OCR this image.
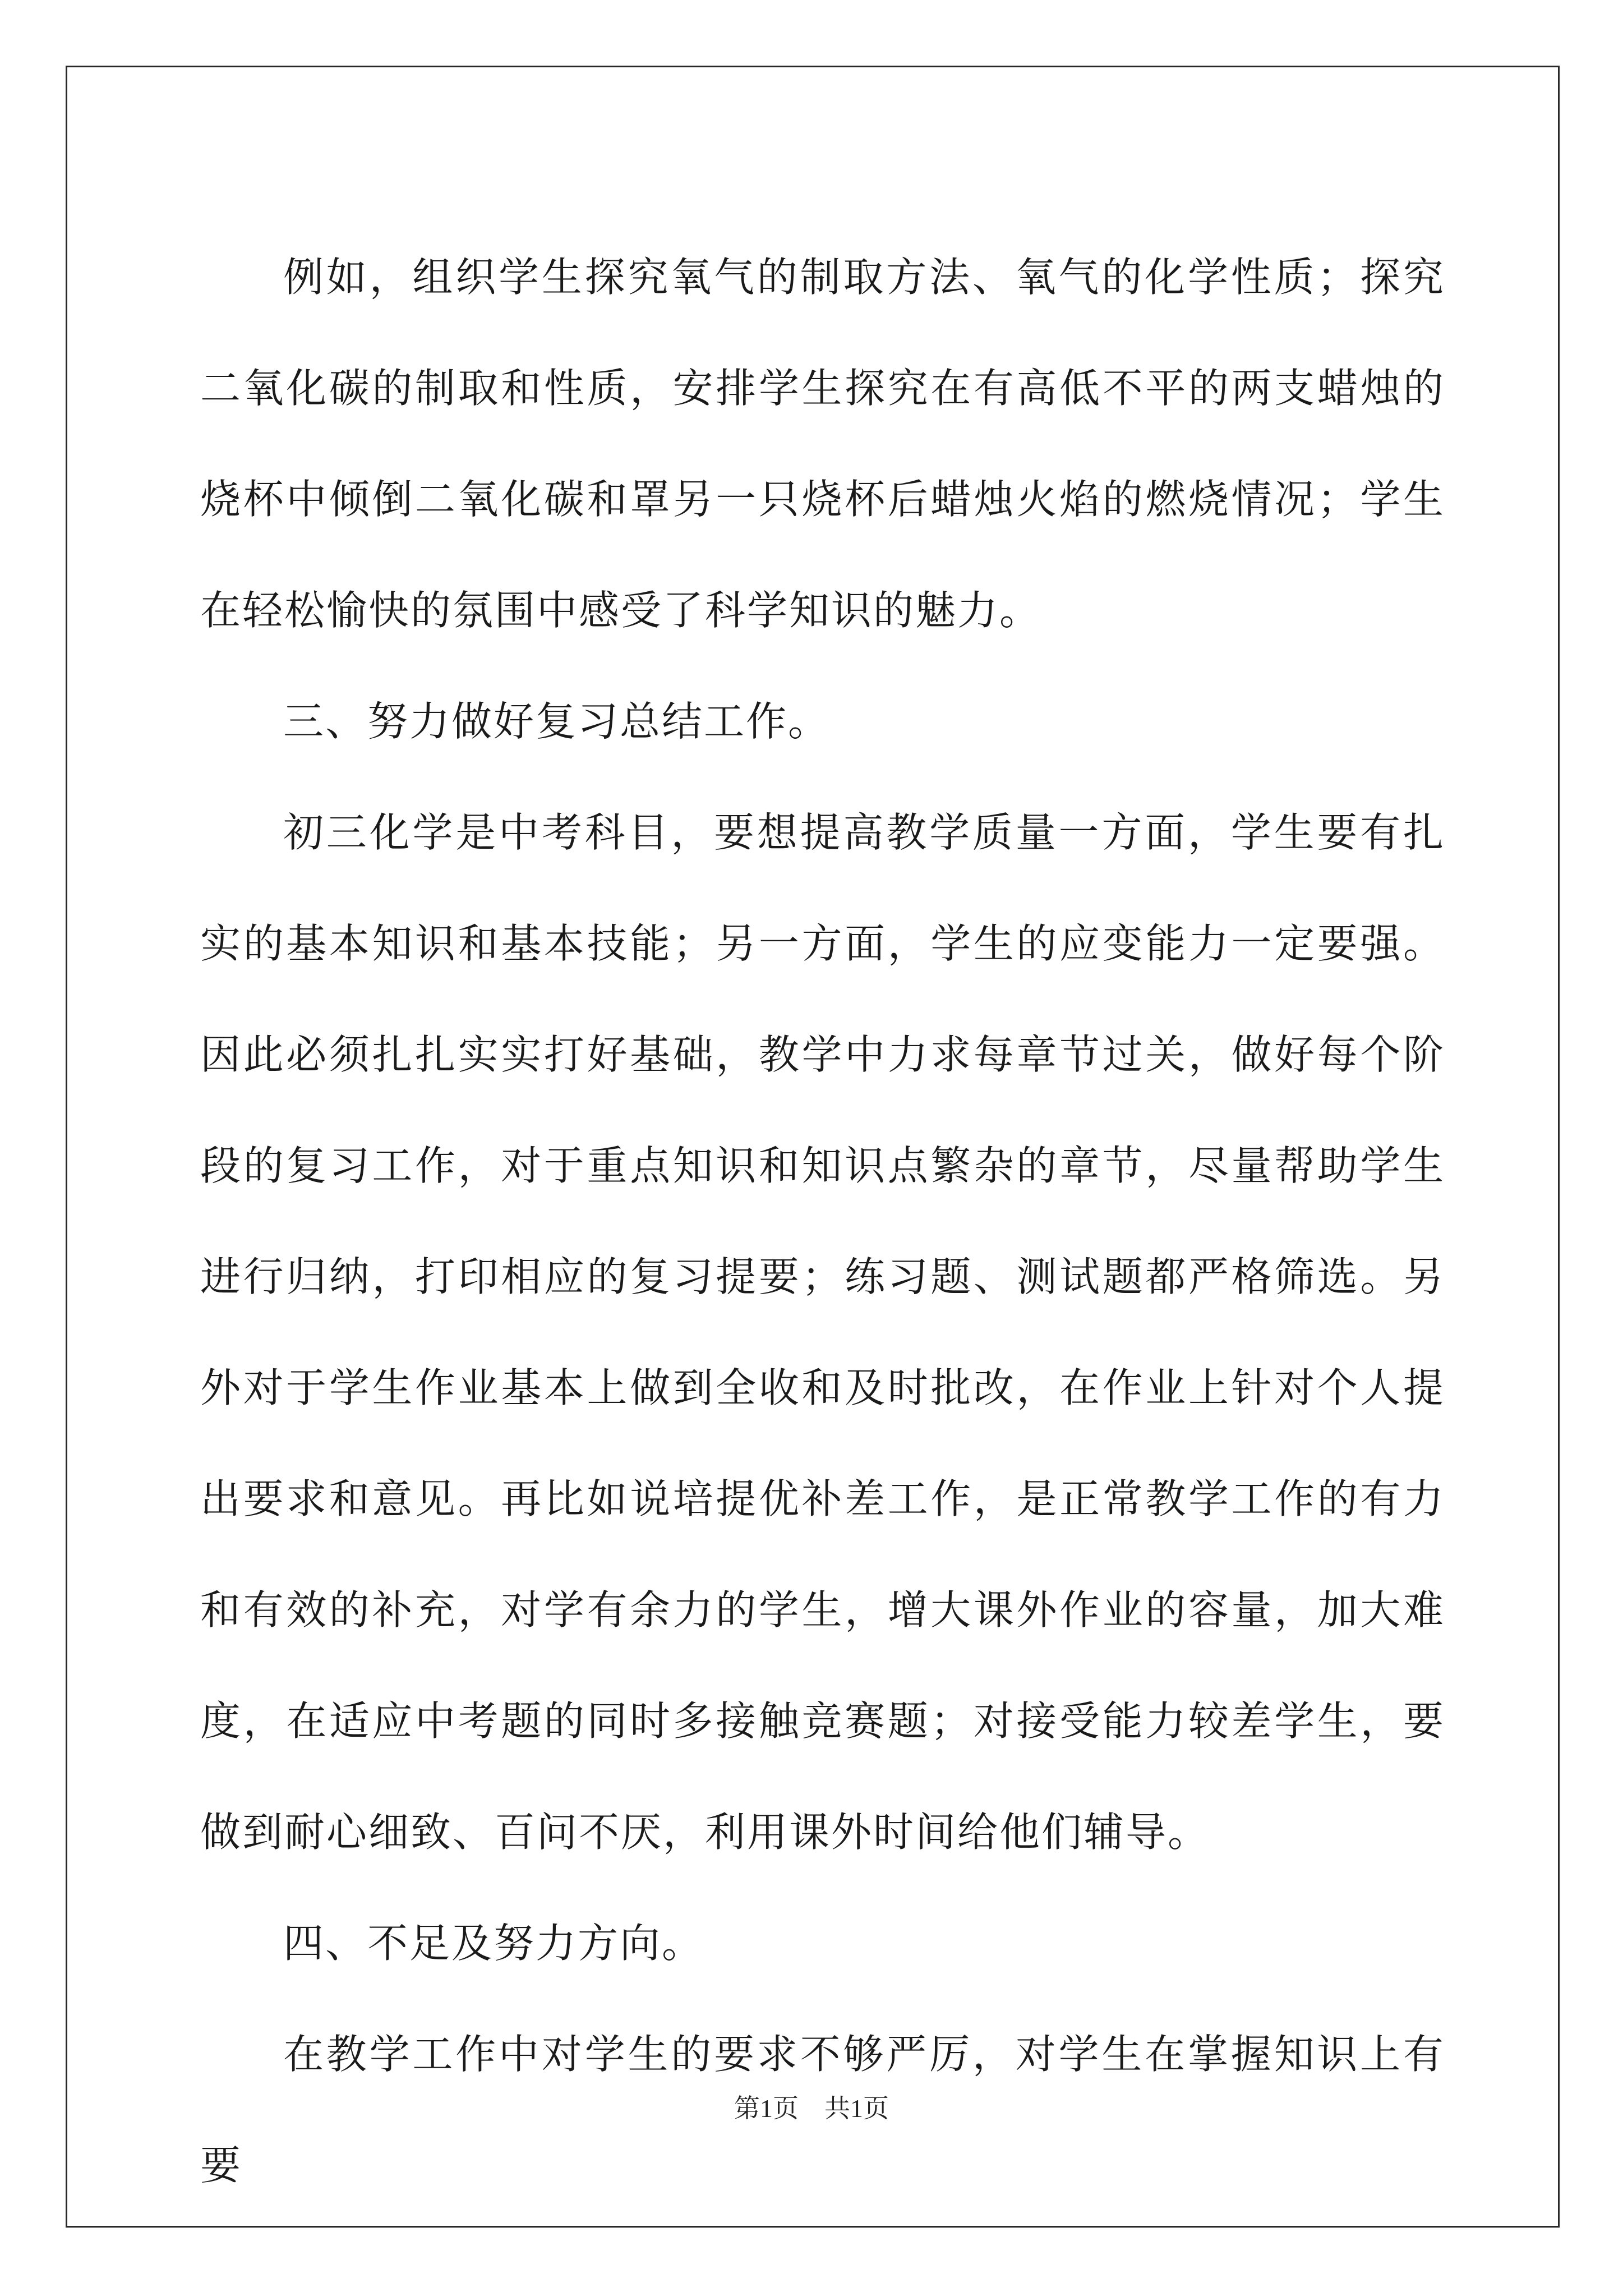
例如，组织学生探究氧气的制取方法、氧气的化学性质；探究二氧化碳的制取和性质，安排学生探究在有高低不平的两支蜡烛的烧杯中倾倒二氧化碳和罩另一只烧杯后蜡烛火焰的燃烧情况；学生在轻松愉快的氛围中感受了科学知识的魅力。

三、努力做好复习总结工作。

初三化学是中考科目，要想提高教学质量一方面，学生要有扎实的基本知识和基本技能；另一方面，学生的应变能力一定要强。因此必须扎扎实实打好基础，教学中力求每章节过关，做好每个阶段的复习工作，对于重点知识和知识点繁杂的章节，尽量帮助学生进行归纳，打印相应的复习提要；练习题、测试题都严格筛选。另外对于学生作业基本上做到全收和及时批改，在作业上针对个人提出要求和意见。再比如说培提优补差工作，是正常教学工作的有力和有效的补充，对学有余力的学生，增大课外作业的容量，加大难度，在适应中考题的同时多接触竞赛题；对接受能力较差学生，要做到耐心细致、百问不厌，利用课外时间给他们辅导。

四、不足及努力方向。

在教学工作中对学生的要求不够严厉，对学生在掌握知识上有要

第1页 共1页
